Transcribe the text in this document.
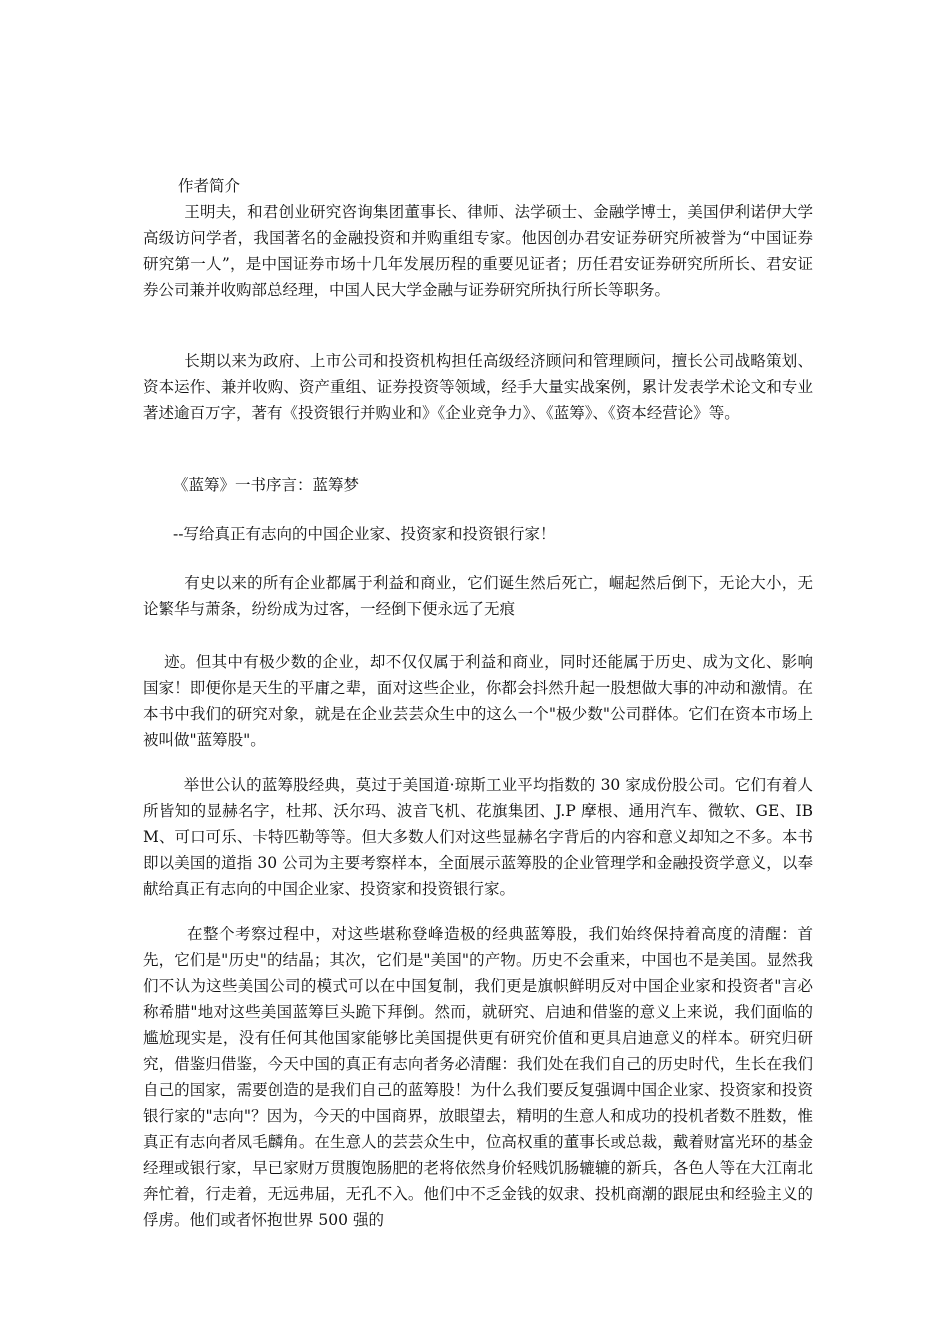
作者简介

王明夫，和君创业研究咨询集团董事长、律师、法学硕士、金融学博士，美国伊利诺伊大学高级访问学者，我国著名的金融投资和并购重组专家。他因创办君安证券研究所被誉为“中国证券研究第一人”，是中国证券市场十几年发展历程的重要见证者；历任君安证券研究所所长、君安证券公司兼并收购部总经理，中国人民大学金融与证券研究所执行所长等职务。

长期以来为政府、上市公司和投资机构担任高级经济顾问和管理顾问，擅长公司战略策划、资本运作、兼并收购、资产重组、证券投资等领域，经手大量实战案例，累计发表学术论文和专业著述逾百万字，著有《投资银行并购业和》《企业竞争力》、《蓝筹》、《资本经营论》等。

《蓝筹》一书序言：蓝筹梦

--写给真正有志向的中国企业家、投资家和投资银行家！

有史以来的所有企业都属于利益和商业，它们诞生然后死亡，崛起然后倒下，无论大小，无论繁华与萧条，纷纷成为过客，一经倒下便永远了无痕

迹。但其中有极少数的企业，却不仅仅属于利益和商业，同时还能属于历史、成为文化、影响国家！即便你是天生的平庸之辈，面对这些企业，你都会抖然升起一股想做大事的冲动和激情。在本书中我们的研究对象，就是在企业芸芸众生中的这么一个"极少数"公司群体。它们在资本市场上被叫做"蓝筹股"。

举世公认的蓝筹股经典，莫过于美国道·琼斯工业平均指数的 30 家成份股公司。它们有着人所皆知的显赫名字，杜邦、沃尔玛、波音飞机、花旗集团、J.P 摩根、通用汽车、微软、GE、IBM、可口可乐、卡特匹勒等等。但大多数人们对这些显赫名字背后的内容和意义却知之不多。本书即以美国的道指 30 公司为主要考察样本，全面展示蓝筹股的企业管理学和金融投资学意义，以奉献给真正有志向的中国企业家、投资家和投资银行家。

在整个考察过程中，对这些堪称登峰造极的经典蓝筹股，我们始终保持着高度的清醒：首先，它们是"历史"的结晶；其次，它们是"美国"的产物。历史不会重来，中国也不是美国。显然我们不认为这些美国公司的模式可以在中国复制，我们更是旗帜鲜明反对中国企业家和投资者"言必称希腊"地对这些美国蓝筹巨头跪下拜倒。然而，就研究、启迪和借鉴的意义上来说，我们面临的尴尬现实是，没有任何其他国家能够比美国提供更有研究价值和更具启迪意义的样本。研究归研究，借鉴归借鉴，今天中国的真正有志向者务必清醒：我们处在我们自己的历史时代，生长在我们自己的国家，需要创造的是我们自己的蓝筹股！为什么我们要反复强调中国企业家、投资家和投资银行家的"志向"？因为，今天的中国商界，放眼望去，精明的生意人和成功的投机者数不胜数，惟真正有志向者凤毛麟角。在生意人的芸芸众生中，位高权重的董事长或总裁，戴着财富光环的基金经理或银行家，早已家财万贯腹饱肠肥的老将依然身价轻贱饥肠辘辘的新兵，各色人等在大江南北奔忙着，行走着，无远弗届，无孔不入。他们中不乏金钱的奴隶、投机商潮的跟屁虫和经验主义的俘虏。他们或者怀抱世界 500 强的
